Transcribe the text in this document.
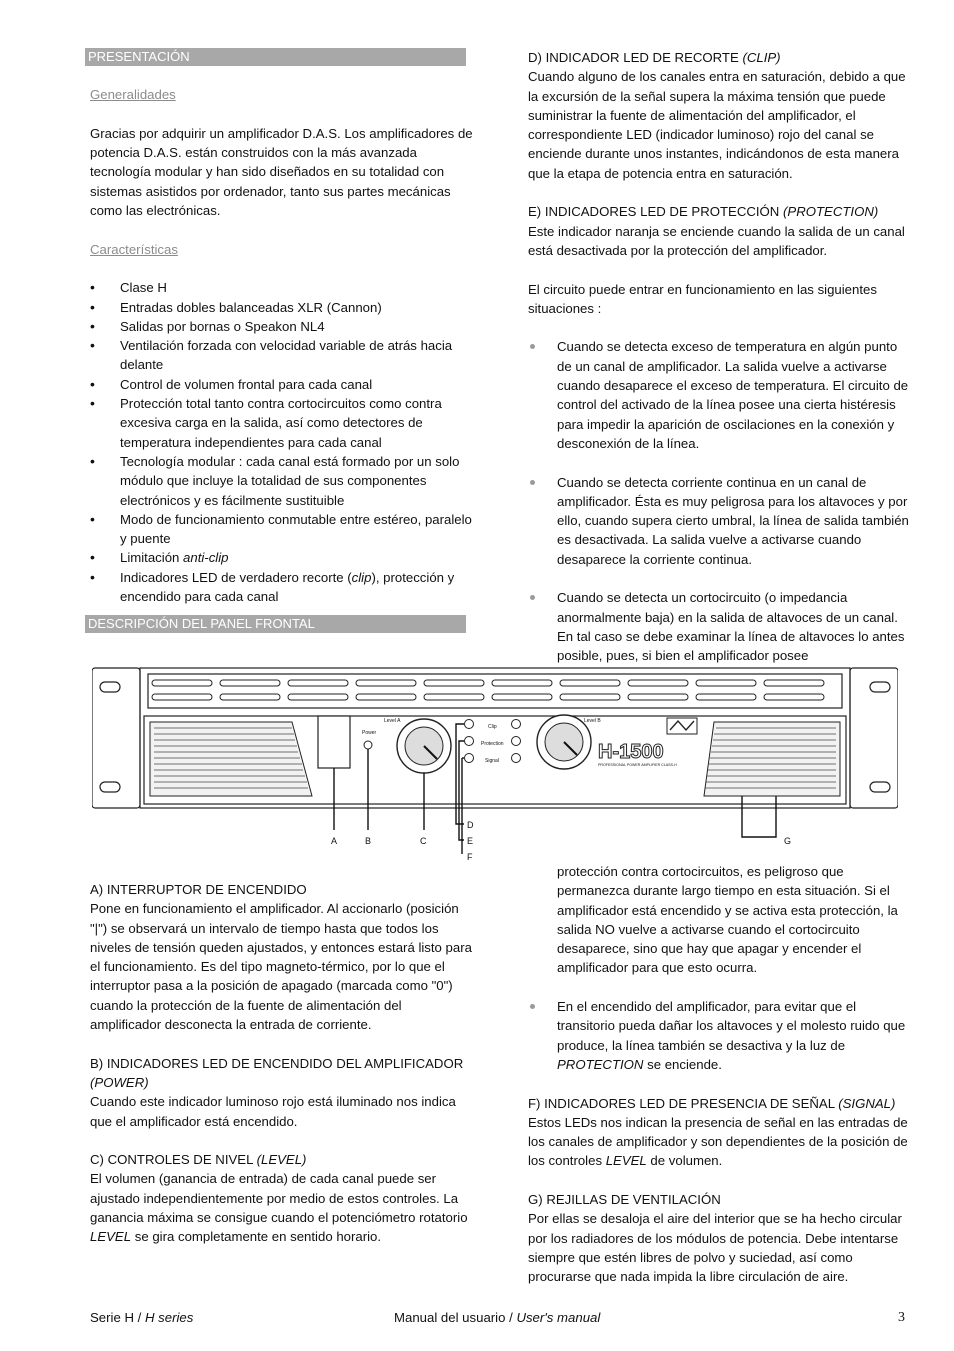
PRESENTACIÓN

Generalidades

Gracias por adquirir un amplificador D.A.S. Los amplificadores de potencia D.A.S. están construidos con la más avanzada tecnología modular y han sido diseñados en su totalidad con sistemas asistidos por ordenador, tanto sus partes mecánicas como las electrónicas.

Características

• Clase H
• Entradas dobles balanceadas XLR (Cannon)
• Salidas por bornas o Speakon NL4
• Ventilación forzada con velocidad variable de atrás hacia delante
• Control de volumen frontal para cada canal
• Protección total tanto contra cortocircuitos como contra excesiva carga en la salida, así como detectores de temperatura independientes para cada canal
• Tecnología modular : cada canal está formado por un solo módulo que incluye la totalidad de sus componentes electrónicos y es fácilmente sustituible
• Modo de funcionamiento conmutable entre estéreo, paralelo y puente
• Limitación anti-clip
• Indicadores LED de verdadero recorte (clip), protección y encendido para cada canal
DESCRIPCIÓN DEL PANEL FRONTAL

D) INDICADOR LED DE RECORTE (CLIP)

Cuando alguno de los canales entra en saturación, debido a que la excursión de la señal supera la máxima tensión que puede suministrar la fuente de alimentación del amplificador, el correspondiente LED (indicador luminoso) rojo del canal se enciende durante unos instantes, indicándonos de esta manera que la etapa de potencia entra en saturación.

E) INDICADORES LED DE PROTECCIÓN (PROTECTION)

Este indicador naranja se enciende cuando la salida de un canal está desactivada por la protección del amplificador.

El circuito puede entrar en funcionamiento en las siguientes situaciones :

Cuando se detecta exceso de temperatura en algún punto de un canal de amplificador. La salida vuelve a activarse cuando desaparece el exceso de temperatura. El circuito de control del activado de la línea posee una cierta histéresis para impedir la aparición de oscilaciones en la conexión y desconexión de la línea.
Cuando se detecta corriente continua en un canal de amplificador. Ésta es muy peligrosa para los altavoces y por ello, cuando supera cierto umbral, la línea de salida también es desactivada. La salida vuelve a activarse cuando desaparece la corriente continua.
Cuando se detecta un cortocircuito (o impedancia anormalmente baja) en la salida de altavoces de un canal. En tal caso se debe examinar la línea de altavoces lo antes posible, pues, si bien el amplificador posee
Power
Level A
Clip
Protection
Signal
Level B
H-1500
PROFESSIONAL POWER AMPLIFIER CLASS-H
A	B	C
D
E
F
G

A) INTERRUPTOR DE ENCENDIDO

Pone en funcionamiento el amplificador. Al accionarlo (posición "|") se observará un intervalo de tiempo hasta que todos los niveles de tensión queden ajustados, y entonces estará listo para el funcionamiento. Es del tipo magneto-térmico, por lo que el interruptor pasa a la posición de apagado (marcada como "0") cuando la protección de la fuente de alimentación del amplificador desconecta la entrada de corriente.

B) INDICADORES LED DE ENCENDIDO DEL AMPLIFICADOR

(POWER)

Cuando este indicador luminoso rojo está iluminado nos indica que el amplificador está encendido.

C) CONTROLES DE NIVEL (LEVEL)

El volumen (ganancia de entrada) de cada canal puede ser ajustado independientemente por medio de estos controles. La ganancia máxima se consigue cuando el potenciómetro rotatorio LEVEL se gira completamente en sentido horario.

protección contra cortocircuitos, es peligroso que permanezca durante largo tiempo en esta situación. Si el amplificador está encendido y se activa esta protección, la salida NO vuelve a activarse cuando el cortocircuito desaparece, sino que hay que apagar y encender el amplificador para que esto ocurra.

En el encendido del amplificador, para evitar que el transitorio pueda dañar los altavoces y el molesto ruido que produce, la línea también se desactiva y la luz de PROTECTION se enciende.

F) INDICADORES LED DE PRESENCIA DE SEÑAL (SIGNAL)

Estos LEDs nos indican la presencia de señal en las entradas de los canales de amplificador y son dependientes de la posición de los controles LEVEL de volumen.

G) REJILLAS DE VENTILACIÓN

Por ellas se desaloja el aire del interior que se ha hecho circular por los radiadores de los módulos de potencia. Debe intentarse siempre que estén libres de polvo y suciedad, así como procurarse que nada impida la libre circulación de aire.

Serie H / H series	Manual del usuario / User's manual	3
